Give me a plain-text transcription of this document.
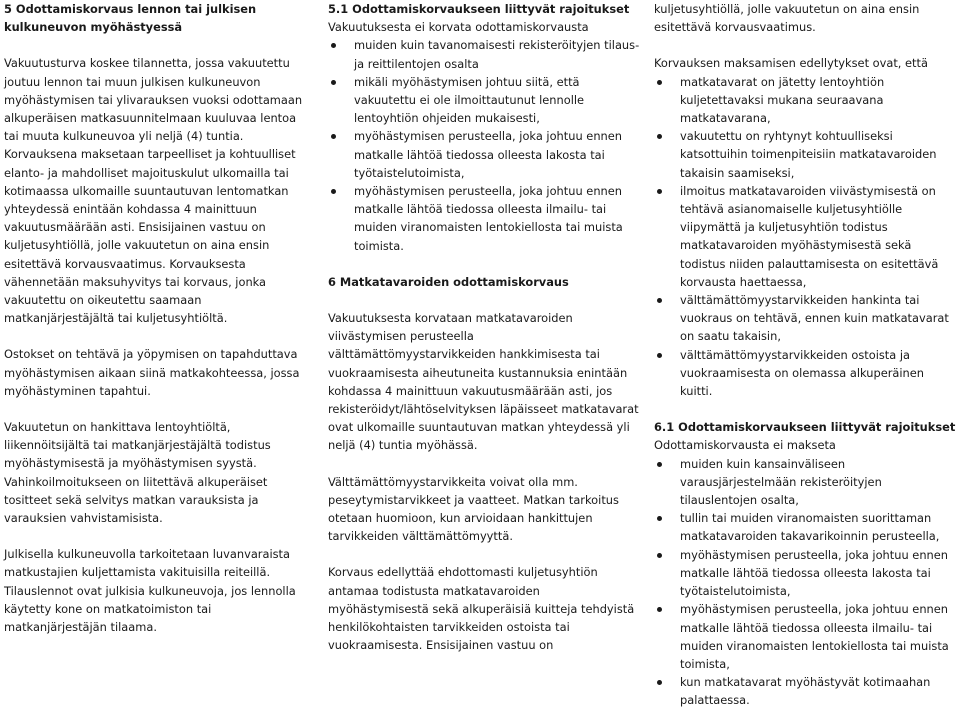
5 Odottamiskorvaus lennon tai julkisen kulkuneuvon myöhästyessä

Vakuutusturva koskee tilannetta, jossa vakuutettu joutuu lennon tai muun julkisen kulkuneuvon myöhästymisen tai ylivarauksen vuoksi odottamaan alkuperäisen matkasuunnitelmaan kuuluvaa lentoa tai muuta kulkuneuvoa yli neljä (4) tuntia. Korvauksena maksetaan tarpeelliset ja kohtuulliset elanto- ja mahdolliset majoituskulut ulkomailla tai kotimaassa ulkomaille suuntautuvan lentomatkan yhteydessä enintään kohdassa 4 mainittuun vakuutusmäärään asti. Ensisijainen vastuu on kuljetusyhtiöllä, jolle vakuutetun on aina ensin esitettävä korvausvaatimus. Korvauksesta vähennetään maksuhyvitys tai korvaus, jonka vakuutettu on oikeutettu saamaan matkanjärjestäjältä tai kuljetusyhtiöltä.

Ostokset on tehtävä ja yöpymisen on tapahduttava myöhästymisen aikaan siinä matkakohteessa, jossa myöhästyminen tapahtui.

Vakuutetun on hankittava lentoyhtiöltä, liikennöitsijältä tai matkanjärjestäjältä todistus myöhästymisestä ja myöhästymisen syystä. Vahinkoilmoitukseen on liitettävä alkuperäiset tositteet sekä selvitys matkan varauksista ja varauksien vahvistamisista.

Julkisella kulkuneuvolla tarkoitetaan luvanvaraista matkustajien kuljettamista vakituisilla reiteillä. Tilauslennot ovat julkisia kulkuneuvoja, jos lennolla käytetty kone on matkatoimiston tai matkanjärjestäjän tilaama.

5.1 Odottamiskorvaukseen liittyvät rajoitukset

Vakuutuksesta ei korvata odottamiskorvausta

muiden kuin tavanomaisesti rekisteröityjen tilaus- ja reittilentojen osalta
mikäli myöhästymisen johtuu siitä, että vakuutettu ei ole ilmoittautunut lennolle lentoyhtiön ohjeiden mukaisesti,
myöhästymisen perusteella, joka johtuu ennen matkalle lähtöä tiedossa olleesta lakosta tai työtaistelutoimista,
myöhästymisen perusteella, joka johtuu ennen matkalle lähtöä tiedossa olleesta ilmailu- tai muiden viranomaisten lentokiellosta tai muista toimista.

6 Matkatavaroiden odottamiskorvaus

Vakuutuksesta korvataan matkatavaroiden viivästymisen perusteella välttämättömyystarvikkeiden hankkimisesta tai vuokraamisesta aiheutuneita kustannuksia enintään kohdassa 4 mainittuun vakuutusmäärään asti, jos rekisteröidyt/lähtöselvityksen läpäisseet matkatavarat ovat ulkomaille suuntautuvan matkan yhteydessä yli neljä (4) tuntia myöhässä.

Välttämättömyystarvikkeita voivat olla mm. peseytymistarvikkeet ja vaatteet. Matkan tarkoitus otetaan huomioon, kun arvioidaan hankittujen tarvikkeiden välttämättömyyttä.

Korvaus edellyttää ehdottomasti kuljetusyhtiön antamaa todistusta matkatavaroiden myöhästymisestä sekä alkuperäisiä kuitteja tehdyistä henkilökohtaisten tarvikkeiden ostoista tai vuokraamisesta. Ensisijainen vastuu on

kuljetusyhtiöllä, jolle vakuutetun on aina ensin esitettävä korvausvaatimus.

Korvauksen maksamisen edellytykset ovat, että

matkatavarat on jätetty lentoyhtiön kuljetettavaksi mukana seuraavana matkatavarana,
vakuutettu on ryhtynyt kohtuulliseksi katsottuihin toimenpiteisiin matkatavaroiden takaisin saamiseksi,
ilmoitus matkatavaroiden viivästymisestä on tehtävä asianomaiselle kuljetusyhtiölle viipymättä ja kuljetusyhtiön todistus matkatavaroiden myöhästymisestä sekä todistus niiden palauttamisesta on esitettävä korvausta haettaessa,
välttämättömyystarvikkeiden hankinta tai vuokraus on tehtävä, ennen kuin matkatavarat on saatu takaisin,
välttämättömyystarvikkeiden ostoista ja vuokraamisesta on olemassa alkuperäinen kuitti.

6.1 Odottamiskorvaukseen liittyvät rajoitukset

Odottamiskorvausta ei makseta

muiden kuin kansainväliseen varausjärjestelmään rekisteröityjen tilauslentojen osalta,
tullin tai muiden viranomaisten suorittaman matkatavaroiden takavarikoinnin perusteella,
myöhästymisen perusteella, joka johtuu ennen matkalle lähtöä tiedossa olleesta lakosta tai työtaistelutoimista,
myöhästymisen perusteella, joka johtuu ennen matkalle lähtöä tiedossa olleesta ilmailu- tai muiden viranomaisten lentokiellosta tai muista toimista,
kun matkatavarat myöhästyvät kotimaahan palattaessa.
